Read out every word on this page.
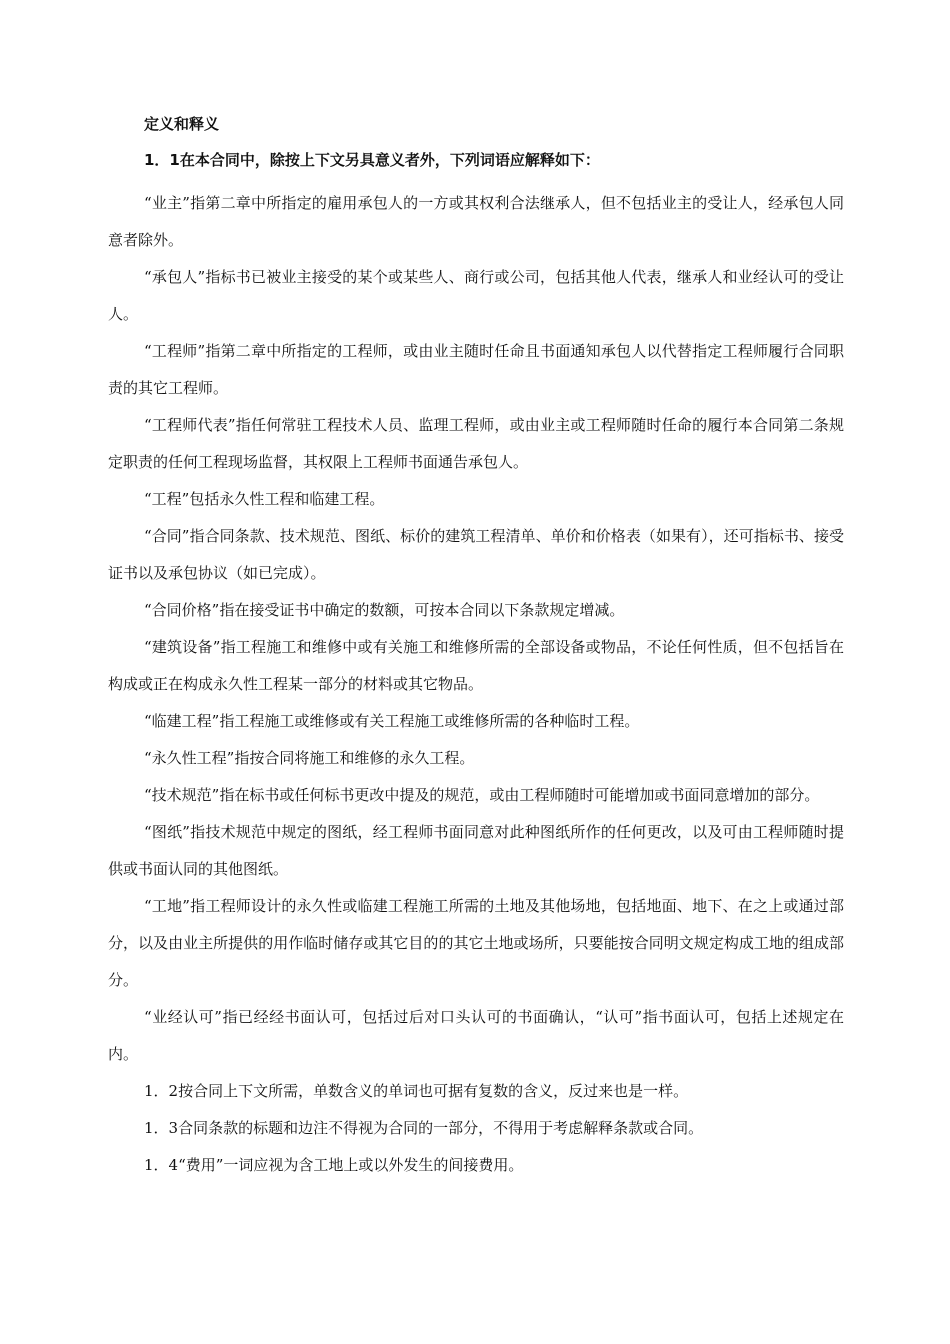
定义和释义
1．1在本合同中，除按上下文另具意义者外，下列词语应解释如下：

“业主”指第二章中所指定的雇用承包人的一方或其权利合法继承人，但不包括业主的受让人，经承包人同意者除外。

“承包人”指标书已被业主接受的某个或某些人、商行或公司，包括其他人代表，继承人和业经认可的受让人。

“工程师”指第二章中所指定的工程师，或由业主随时任命且书面通知承包人以代替指定工程师履行合同职责的其它工程师。

“工程师代表”指任何常驻工程技术人员、监理工程师，或由业主或工程师随时任命的履行本合同第二条规定职责的任何工程现场监督，其权限上工程师书面通告承包人。

“工程”包括永久性工程和临建工程。

“合同”指合同条款、技术规范、图纸、标价的建筑工程清单、单价和价格表（如果有），还可指标书、接受证书以及承包协议（如已完成）。

“合同价格”指在接受证书中确定的数额，可按本合同以下条款规定增减。

“建筑设备”指工程施工和维修中或有关施工和维修所需的全部设备或物品，不论任何性质，但不包括旨在构成或正在构成永久性工程某一部分的材料或其它物品。

“临建工程”指工程施工或维修或有关工程施工或维修所需的各种临时工程。

“永久性工程”指按合同将施工和维修的永久工程。

“技术规范”指在标书或任何标书更改中提及的规范，或由工程师随时可能增加或书面同意增加的部分。

“图纸”指技术规范中规定的图纸，经工程师书面同意对此种图纸所作的任何更改，以及可由工程师随时提供或书面认同的其他图纸。

“工地”指工程师设计的永久性或临建工程施工所需的土地及其他场地，包括地面、地下、在之上或通过部分，以及由业主所提供的用作临时储存或其它目的的其它土地或场所，只要能按合同明文规定构成工地的组成部分。

“业经认可”指已经经书面认可，包括过后对口头认可的书面确认，“认可”指书面认可，包括上述规定在内。

1．2按合同上下文所需，单数含义的单词也可据有复数的含义，反过来也是一样。
1．3合同条款的标题和边注不得视为合同的一部分，不得用于考虑解释条款或合同。
1．4“费用”一词应视为含工地上或以外发生的间接费用。
